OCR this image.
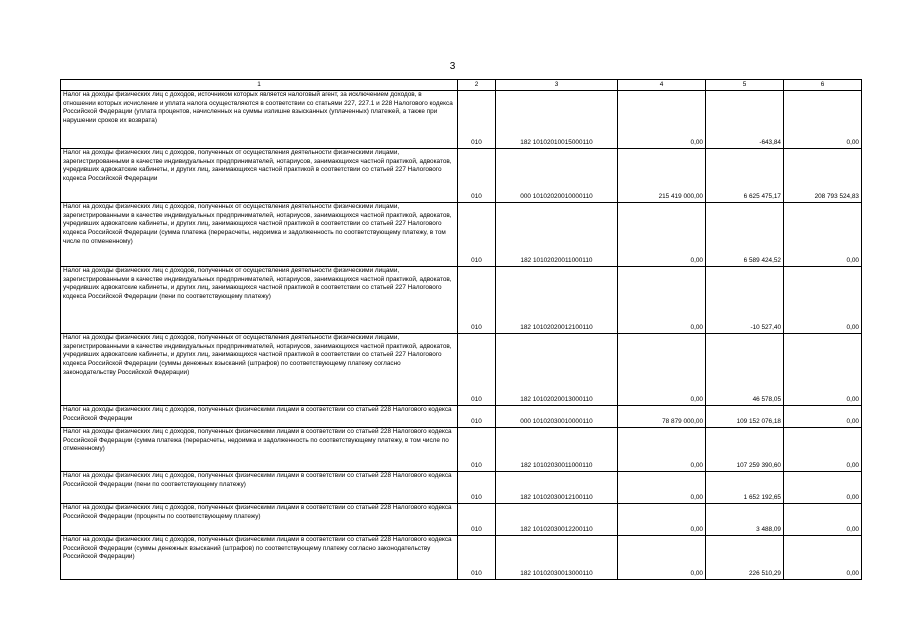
3
1	2	3	4	5	6
Налог на доходы физических лиц с доходов, источником которых является налоговый агент, за исключением доходов, в отношении которых исчисление и уплата налога осуществляются в соответствии со статьями 227, 227.1 и 228 Налогового кодекса Российской Федерации (уплата процентов, начисленных на суммы излишне взысканных (уплаченных) платежей, а также при нарушении сроков их возврата)	010	182 10102010015000110	0,00	-643,84	0,00
Налог на доходы физических лиц с доходов, полученных от осуществления деятельности физическими лицами, зарегистрированными в качестве индивидуальных предпринимателей, нотариусов, занимающихся частной практикой, адвокатов, учредивших адвокатские кабинеты, и других лиц, занимающихся частной практикой в соответствии со статьей 227 Налогового кодекса Российской Федерации	010	000 10102020010000110	215 419 000,00	6 625 475,17	208 793 524,83
Налог на доходы физических лиц с доходов, полученных от осуществления деятельности физическими лицами, зарегистрированными в качестве индивидуальных предпринимателей, нотариусов, занимающихся частной практикой, адвокатов, учредивших адвокатские кабинеты, и других лиц, занимающихся частной практикой в соответствии со статьей 227 Налогового кодекса Российской Федерации (сумма платежа (перерасчеты, недоимка и задолженность по соответствующему платежу, в том числе по отмененному)	010	182 10102020011000110	0,00	6 589 424,52	0,00
Налог на доходы физических лиц с доходов, полученных от осуществления деятельности физическими лицами, зарегистрированными в качестве индивидуальных предпринимателей, нотариусов, занимающихся частной практикой, адвокатов, учредивших адвокатские кабинеты, и других лиц, занимающихся частной практикой в соответствии со статьей 227 Налогового кодекса Российской Федерации (пени по соответствующему платежу)	010	182 10102020012100110	0,00	-10 527,40	0,00
Налог на доходы физических лиц с доходов, полученных от осуществления деятельности физическими лицами, зарегистрированными в качестве индивидуальных предпринимателей, нотариусов, занимающихся частной практикой, адвокатов, учредивших адвокатские кабинеты, и других лиц, занимающихся частной практикой в соответствии со статьей 227 Налогового кодекса Российской Федерации (суммы денежных взысканий (штрафов) по соответствующему платежу согласно законодательству Российской Федерации)	010	182 10102020013000110	0,00	46 578,05	0,00
Налог на доходы физических лиц с доходов, полученных физическими лицами в соответствии со статьей 228 Налогового кодекса Российской Федерации	010	000 10102030010000110	78 879 000,00	109 152 076,18	0,00
Налог на доходы физических лиц с доходов, полученных физическими лицами в соответствии со статьей 228 Налогового кодекса Российской Федерации (сумма платежа (перерасчеты, недоимка и задолженность по соответствующему платежу, в том числе по отмененному)	010	182 10102030011000110	0,00	107 259 390,60	0,00
Налог на доходы физических лиц с доходов, полученных физическими лицами в соответствии со статьей 228 Налогового кодекса Российской Федерации (пени по соответствующему платежу)	010	182 10102030012100110	0,00	1 652 192,65	0,00
Налог на доходы физических лиц с доходов, полученных физическими лицами в соответствии со статьей 228 Налогового кодекса Российской Федерации (проценты по соответствующему платежу)	010	182 10102030012200110	0,00	3 488,09	0,00
Налог на доходы физических лиц с доходов, полученных физическими лицами в соответствии со статьей 228 Налогового кодекса Российской Федерации (суммы денежных взысканий (штрафов) по соответствующему платежу согласно законодательству Российской Федерации)	010	182 10102030013000110	0,00	226 510,29	0,00
